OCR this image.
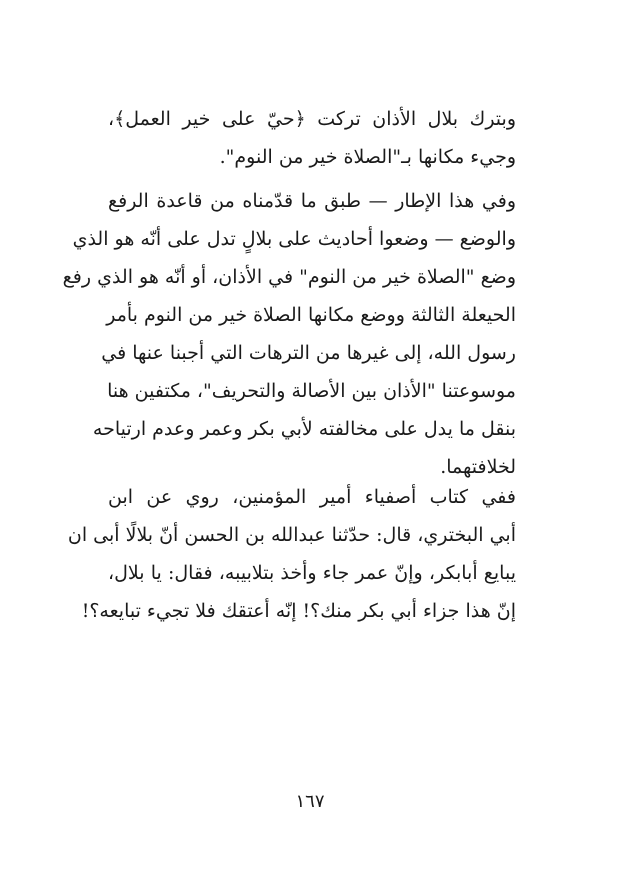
وبترك بلال الأذان تركت ﴿حيّ على خير العمل﴾،
وجيء مكانها بـ"الصلاة خير من النوم".
وفي هذا الإطار — طبق ما قدّمناه من قاعدة الرفع
والوضع — وضعوا أحاديث على بلالٍ تدل على أنّه هو الذي
وضع "الصلاة خير من النوم" في الأذان، أو أنّه هو الذي رفع
الحيعلة الثالثة ووضع مكانها الصلاة خير من النوم بأمر
رسول الله، إلى غيرها من الترهات التي أجبنا عنها في
موسوعتنا "الأذان بين الأصالة والتحريف"، مكتفين هنا
بنقل ما يدل على مخالفته لأبي بكر وعمر وعدم ارتياحه
لخلافتهما.
ففي كتاب أصفياء أمير المؤمنين، روي عن ابن
أبي البختري، قال: حدّثنا عبدالله بن الحسن أنّ بلالًا أبى ان
يبايع أبابكر، وإنّ عمر جاء وأخذ بتلابيبه، فقال: يا بلال،
إنّ هذا جزاء أبي بكر منك؟! إنّه أعتقك فلا تجيء تبايعه؟!
١٦٧
